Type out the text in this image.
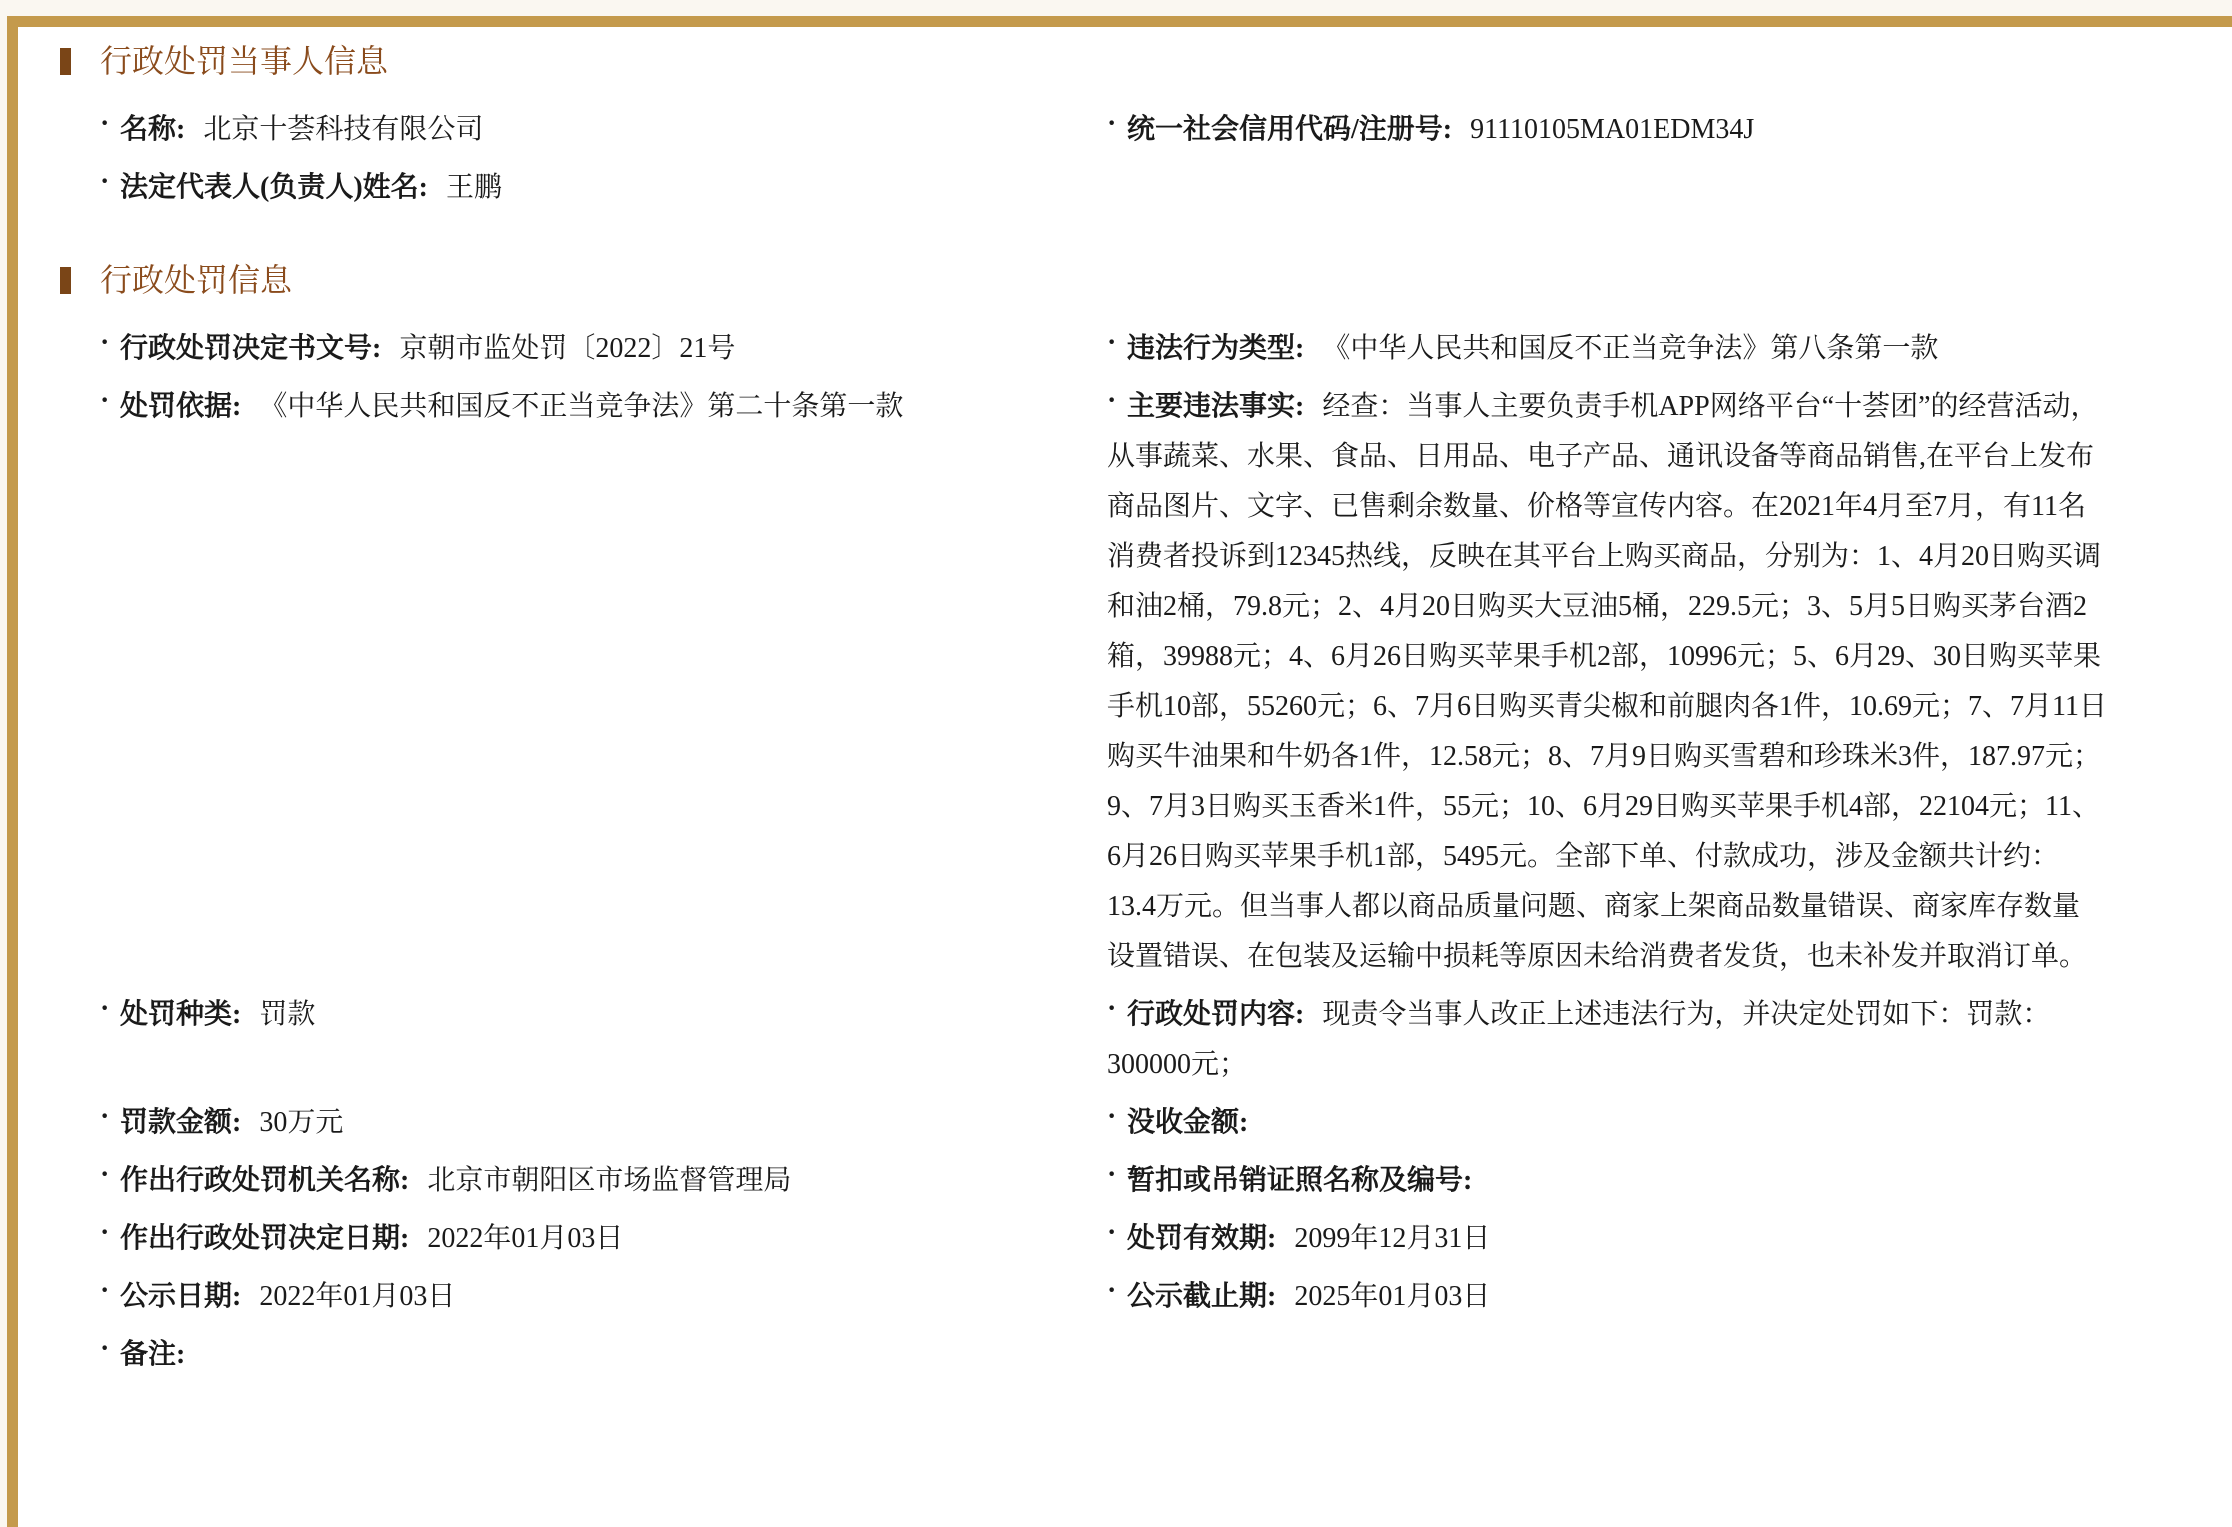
行政处罚当事人信息
· 名称: 北京十荟科技有限公司	· 统一社会信用代码/注册号: 91110105MA01EDM34J
· 法定代表人(负责人)姓名: 王鹏
行政处罚信息
· 行政处罚决定书文号: 京朝市监处罚〔2022〕21号	· 违法行为类型: 《中华人民共和国反不正当竞争法》第八条第一款
· 处罚依据: 《中华人民共和国反不正当竞争法》第二十条第一款	· 主要违法事实: 经查：当事人主要负责手机APP网络平台“十荟团”的经营活动，从事蔬菜、水果、食品、日用品、电子产品、通讯设备等商品销售,在平台上发布商品图片、文字、已售剩余数量、价格等宣传内容。在2021年4月至7月，有11名消费者投诉到12345热线，反映在其平台上购买商品，分别为：1、4月20日购买调和油2桶，79.8元；2、4月20日购买大豆油5桶，229.5元；3、5月5日购买茅台酒2箱，39988元；4、6月26日购买苹果手机2部，10996元；5、6月29、30日购买苹果手机10部，55260元；6、7月6日购买青尖椒和前腿肉各1件，10.69元；7、7月11日购买牛油果和牛奶各1件，12.58元；8、7月9日购买雪碧和珍珠米3件，187.97元；9、7月3日购买玉香米1件，55元；10、6月29日购买苹果手机4部，22104元；11、6月26日购买苹果手机1部，5495元。全部下单、付款成功，涉及金额共计约：13.4万元。但当事人都以商品质量问题、商家上架商品数量错误、商家库存数量设置错误、在包装及运输中损耗等原因未给消费者发货，也未补发并取消订单。
· 处罚种类: 罚款	· 行政处罚内容: 现责令当事人改正上述违法行为，并决定处罚如下：罚款：300000元；
· 罚款金额: 30万元	· 没收金额:
· 作出行政处罚机关名称: 北京市朝阳区市场监督管理局	· 暂扣或吊销证照名称及编号:
· 作出行政处罚决定日期: 2022年01月03日	· 处罚有效期: 2099年12月31日
· 公示日期: 2022年01月03日	· 公示截止期: 2025年01月03日
· 备注:
